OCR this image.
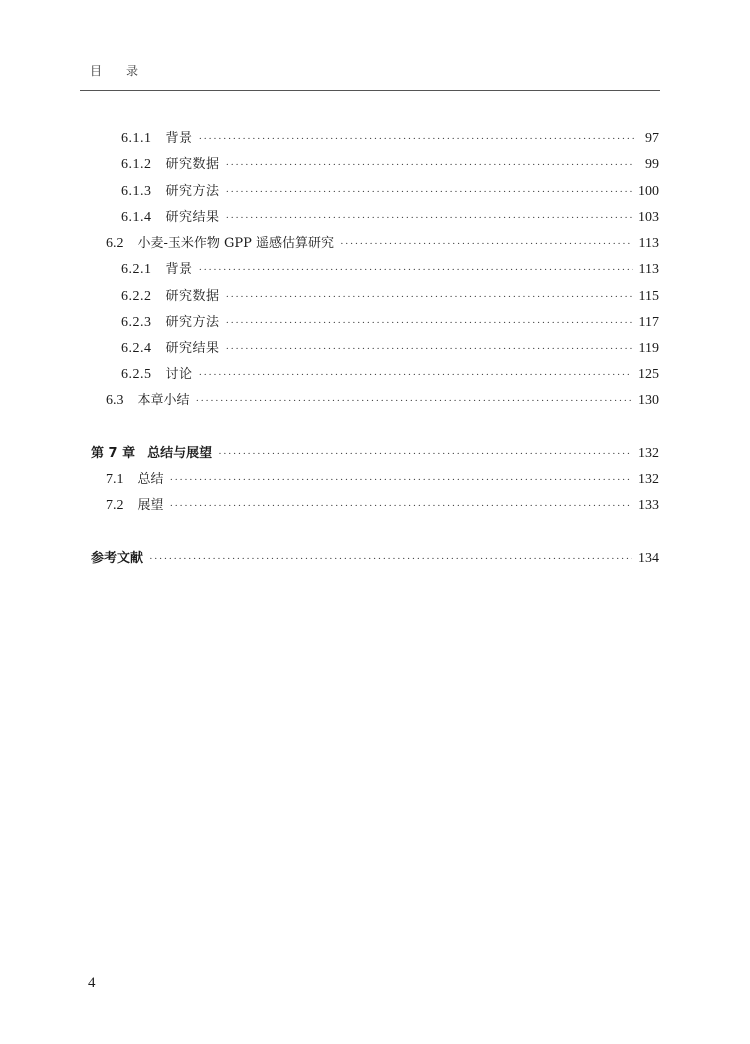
目 录
6.1.1 背景 ·····	97
6.1.2 研究数据 ·····	99
6.1.3 研究方法 ·····	100
6.1.4 研究结果 ·····	103
6.2 小麦-玉米作物 GPP 遥感估算研究 ·····	113
6.2.1 背景 ·····	113
6.2.2 研究数据 ·····	115
6.2.3 研究方法 ·····	117
6.2.4 研究结果 ·····	119
6.2.5 讨论 ·····	125
6.3 本章小结 ·····	130
第 7 章 总结与展望 ·····	132
7.1 总结 ·····	132
7.2 展望 ·····	133
参考文献 ·····	134
4
